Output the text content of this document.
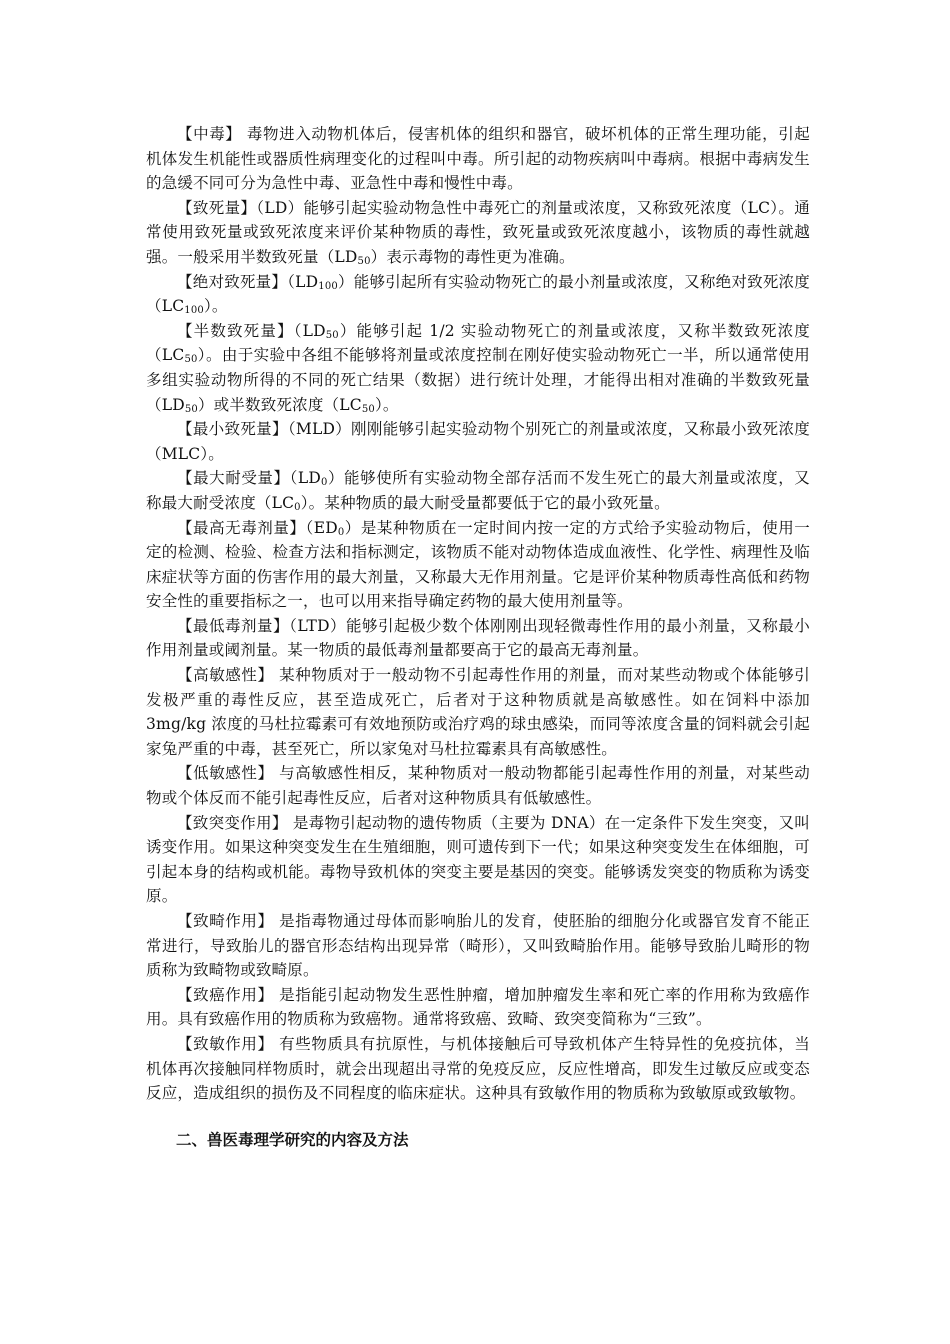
【中毒】 毒物进入动物机体后，侵害机体的组织和器官，破坏机体的正常生理功能，引起机体发生机能性或器质性病理变化的过程叫中毒。所引起的动物疾病叫中毒病。根据中毒病发生的急缓不同可分为急性中毒、亚急性中毒和慢性中毒。

【致死量】（LD）能够引起实验动物急性中毒死亡的剂量或浓度，又称致死浓度（LC）。通常使用致死量或致死浓度来评价某种物质的毒性，致死量或致死浓度越小，该物质的毒性就越强。一般采用半数致死量$(LD_{50})$表示毒物的毒性更为准确。

【绝对致死量】$(LD_{100})$能够引起所有实验动物死亡的最小剂量或浓度，又称绝对致死浓度$(LC_{100})$。

【半数致死量】$(LD_{50})$能够引起 1/2 实验动物死亡的剂量或浓度，又称半数致死浓度$(LC_{50})$。由于实验中各组不能够将剂量或浓度控制在刚好使实验动物死亡一半，所以通常使用多组实验动物所得的不同的死亡结果（数据）进行统计处理，才能得出相对准确的半数致死量$(LD_{50})$或半数致死浓度$(LC_{50})$。

【最小致死量】（MLD）刚刚能够引起实验动物个别死亡的剂量或浓度，又称最小致死浓度（MLC）。

【最大耐受量】$(LD_0)$能够使所有实验动物全部存活而不发生死亡的最大剂量或浓度，又称最大耐受浓度$(LC_0)$。某种物质的最大耐受量都要低于它的最小致死量。

【最高无毒剂量】$(ED_0)$是某种物质在一定时间内按一定的方式给予实验动物后，使用一定的检测、检验、检查方法和指标测定，该物质不能对动物体造成血液性、化学性、病理性及临床症状等方面的伤害作用的最大剂量，又称最大无作用剂量。它是评价某种物质毒性高低和药物安全性的重要指标之一，也可以用来指导确定药物的最大使用剂量等。

【最低毒剂量】（LTD）能够引起极少数个体刚刚出现轻微毒性作用的最小剂量，又称最小作用剂量或阈剂量。某一物质的最低毒剂量都要高于它的最高无毒剂量。

【高敏感性】 某种物质对于一般动物不引起毒性作用的剂量，而对某些动物或个体能够引发极严重的毒性反应，甚至造成死亡，后者对于这种物质就是高敏感性。如在饲料中添加 3mg/kg 浓度的马杜拉霉素可有效地预防或治疗鸡的球虫感染，而同等浓度含量的饲料就会引起家兔严重的中毒，甚至死亡，所以家兔对马杜拉霉素具有高敏感性。

【低敏感性】 与高敏感性相反，某种物质对一般动物都能引起毒性作用的剂量，对某些动物或个体反而不能引起毒性反应，后者对这种物质具有低敏感性。

【致突变作用】 是毒物引起动物的遗传物质（主要为 DNA）在一定条件下发生突变，又叫诱变作用。如果这种突变发生在生殖细胞，则可遗传到下一代；如果这种突变发生在体细胞，可引起本身的结构或机能。毒物导致机体的突变主要是基因的突变。能够诱发突变的物质称为诱变原。

【致畸作用】 是指毒物通过母体而影响胎儿的发育，使胚胎的细胞分化或器官发育不能正常进行，导致胎儿的器官形态结构出现异常（畸形），又叫致畸胎作用。能够导致胎儿畸形的物质称为致畸物或致畸原。

【致癌作用】 是指能引起动物发生恶性肿瘤，增加肿瘤发生率和死亡率的作用称为致癌作用。具有致癌作用的物质称为致癌物。通常将致癌、致畸、致突变简称为“三致”。

【致敏作用】 有些物质具有抗原性，与机体接触后可导致机体产生特异性的免疫抗体，当机体再次接触同样物质时，就会出现超出寻常的免疫反应，反应性增高，即发生过敏反应或变态反应，造成组织的损伤及不同程度的临床症状。这种具有致敏作用的物质称为致敏原或致敏物。

二、兽医毒理学研究的内容及方法
